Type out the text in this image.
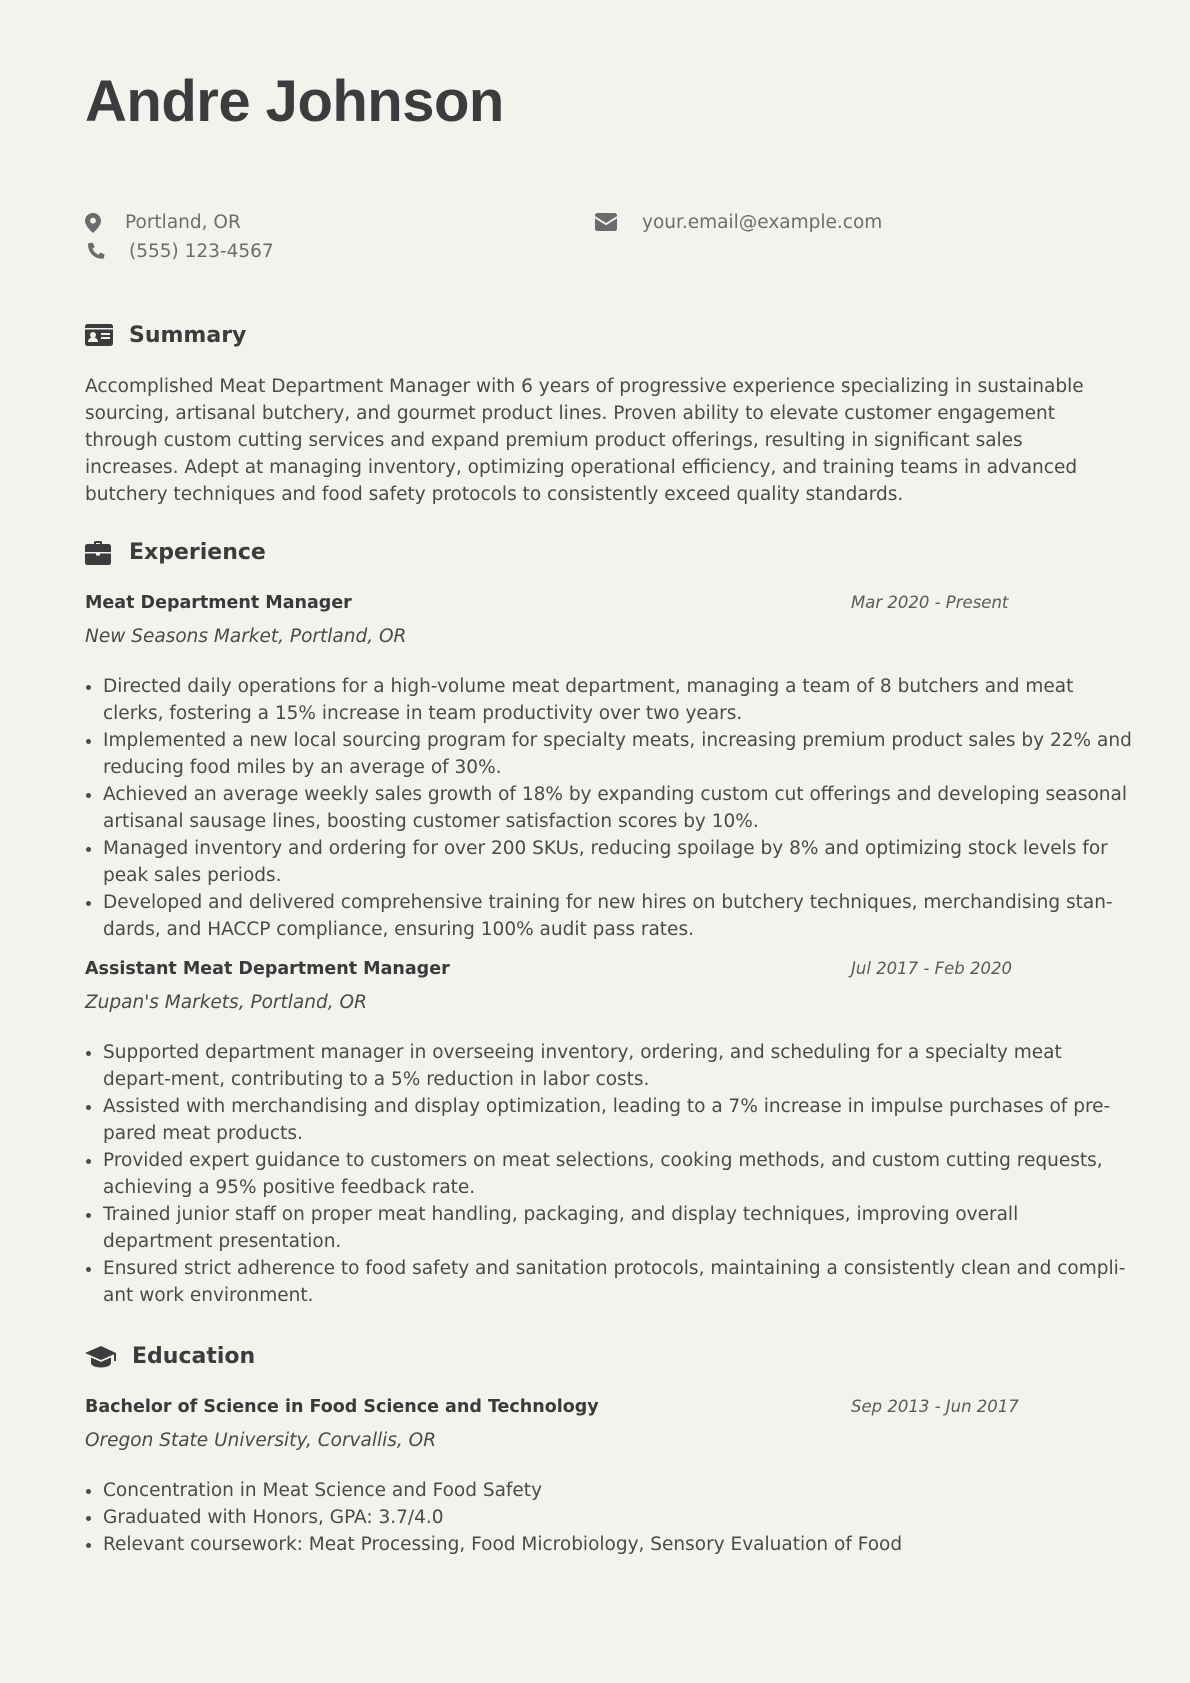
Andre Johnson
Portland, OR
(555) 123-4567
your.email@example.com
Summary

Accomplished Meat Department Manager with 6 years of progressive experience specializing in sustainable sourcing, artisanal butchery, and gourmet product lines. Proven ability to elevate customer engagement through custom cutting services and expand premium product offerings, resulting in significant sales increases. Adept at managing inventory, optimizing operational efficiency, and training teams in advanced butchery techniques and food safety protocols to consistently exceed quality standards.

Experience
Meat Department Manager	Mar 2020 - Present
New Seasons Market, Portland, OR
• Directed daily operations for a high-volume meat department, managing a team of 8 butchers and meat clerks, fostering a 15% increase in team productivity over two years.
• Implemented a new local sourcing program for specialty meats, increasing premium product sales by 22% and reducing food miles by an average of 30%.
• Achieved an average weekly sales growth of 18% by expanding custom cut offerings and developing seasonal artisanal sausage lines, boosting customer satisfaction scores by 10%.
• Managed inventory and ordering for over 200 SKUs, reducing spoilage by 8% and optimizing stock levels for peak sales periods.
• Developed and delivered comprehensive training for new hires on butchery techniques, merchandising stan-dards, and HACCP compliance, ensuring 100% audit pass rates.
Assistant Meat Department Manager	Jul 2017 - Feb 2020
Zupan's Markets, Portland, OR
• Supported department manager in overseeing inventory, ordering, and scheduling for a specialty meat depart-ment, contributing to a 5% reduction in labor costs.
• Assisted with merchandising and display optimization, leading to a 7% increase in impulse purchases of pre-pared meat products.
• Provided expert guidance to customers on meat selections, cooking methods, and custom cutting requests, achieving a 95% positive feedback rate.
• Trained junior staff on proper meat handling, packaging, and display techniques, improving overall department presentation.
• Ensured strict adherence to food safety and sanitation protocols, maintaining a consistently clean and compli-ant work environment.
Education
Bachelor of Science in Food Science and Technology	Sep 2013 - Jun 2017
Oregon State University, Corvallis, OR
• Concentration in Meat Science and Food Safety
• Graduated with Honors, GPA: 3.7/4.0
• Relevant coursework: Meat Processing, Food Microbiology, Sensory Evaluation of Food
